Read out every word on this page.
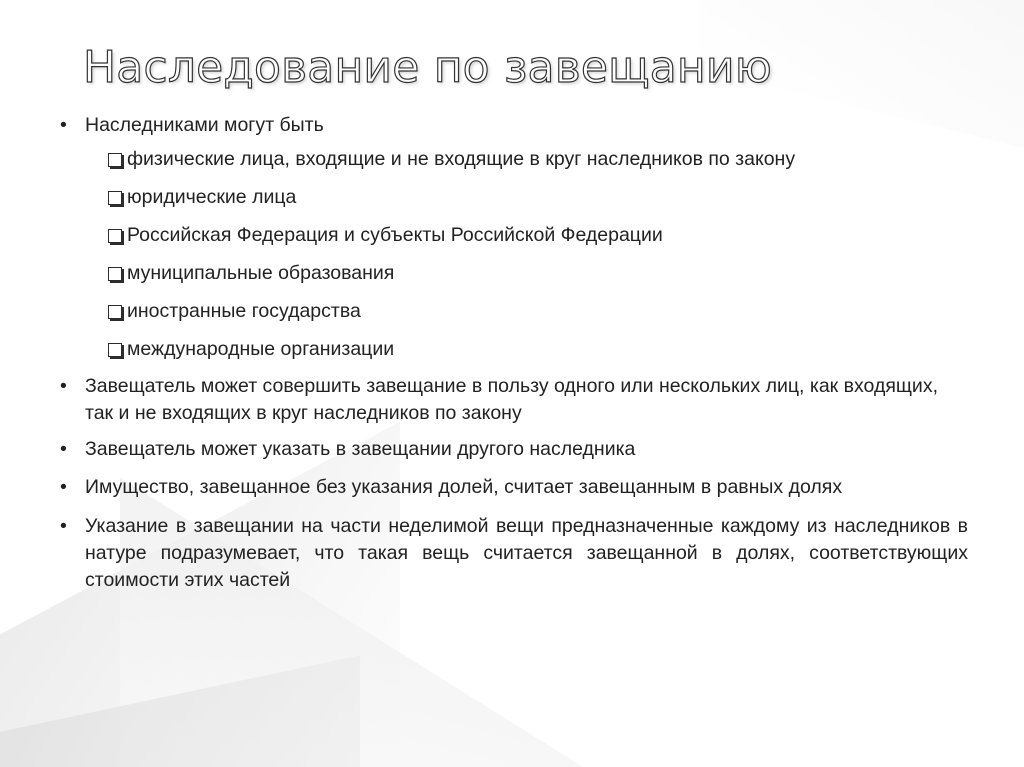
Наследование по завещанию
• Наследниками могут быть

физические лица, входящие и не входящие в круг наследников по закону
юридические лица
Российская Федерация и субъекты Российской Федерации
муниципальные образования
иностранные государства
международные организации
• Завещатель может совершить завещание в пользу одного или нескольких лиц, как входящих, так и не входящих в круг наследников по закону

• Завещатель может указать в завещании другого наследника

• Имущество, завещанное без указания долей, считает завещанным в равных долях

• Указание в завещании на части неделимой вещи предназначенные каждому из наследников в натуре подразумевает, что такая вещь считается завещанной в долях, соответствующих стоимости этих частей
